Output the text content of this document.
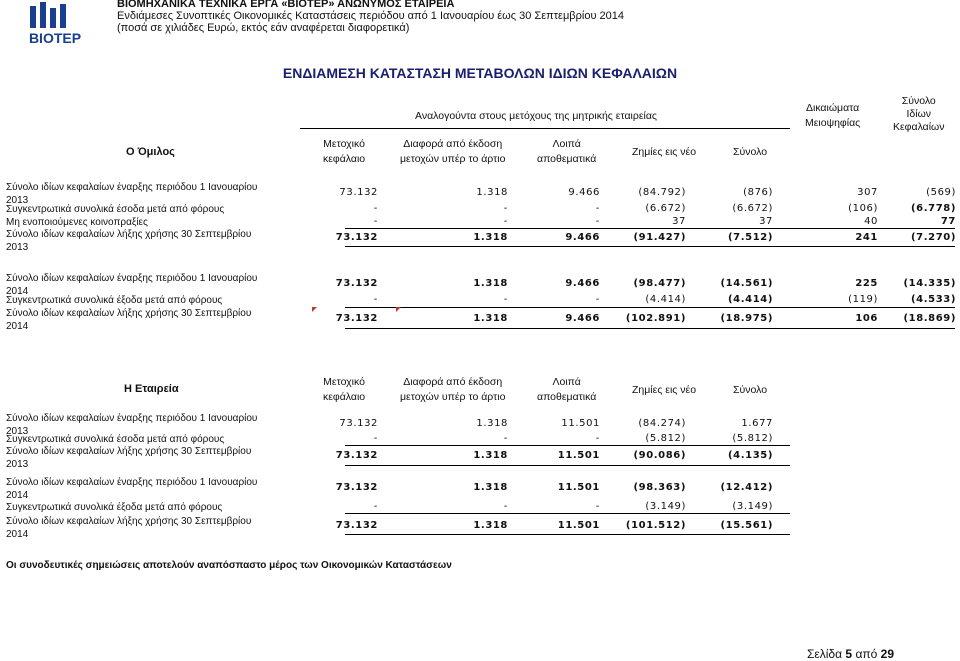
ΒΙΟΤΕΡ
ΒΙΟΜΗΧΑΝΙΚΑ ΤΕΧΝΙΚΑ ΕΡΓΑ «ΒΙΟΤΕΡ» ΑΝΩΝΥΜΟΣ ΕΤΑΙΡΕΙΑ
Ενδιάμεσες Συνοπτικές Οικονομικές Καταστάσεις περιόδου από 1 Ιανουαρίου έως 30 Σεπτεμβρίου 2014
(ποσά σε χιλιάδες Ευρώ, εκτός εάν αναφέρεται διαφορετικά)
ΕΝΔΙΑΜΕΣΗ ΚΑΤΑΣΤΑΣΗ ΜΕΤΑΒΟΛΩΝ ΙΔΙΩΝ ΚΕΦΑΛΑΙΩΝ
Αναλογούντα στους μετόχους της μητρικής εταιρείας
Δικαιώματα
Μειοψηφίας
Σύνολο
Ιδίων
Κεφαλαίων
Ο Όμιλος
Μετοχικό
κεφάλαιο
Διαφορά από έκδοση
μετοχών υπέρ το άρτιο
Λοιπά
αποθεματικά
Ζημίες εις νέο	Σύνολο
Σύνολο ιδίων κεφαλαίων έναρξης περιόδου 1 Ιανουαρίου
2013
73.132	1.318	9.466	(84.792)	(876)	307	(569)
Συγκεντρωτικά συνολικά έσοδα μετά από φόρους	-	-	-	(6.672)	(6.672)	(106)	(6.778)
Μη ενοποιούμενες κοινοπραξίες	-	-	-	37	37	40	77
Σύνολο ιδίων κεφαλαίων λήξης χρήσης 30 Σεπτεμβρίου
2013
73.132	1.318	9.466	(91.427)	(7.512)	241	(7.270)
Σύνολο ιδίων κεφαλαίων έναρξης περιόδου 1 Ιανουαρίου
2014
73.132	1.318	9.466	(98.477)	(14.561)	225	(14.335)
Συγκεντρωτικά συνολικά έξοδα μετά από φόρους	-	-	-	(4.414)	(4.414)	(119)	(4.533)
Σύνολο ιδίων κεφαλαίων λήξης χρήσης 30 Σεπτεμβρίου
2014
73.132	1.318	9.466	(102.891)	(18.975)	106	(18.869)
Η Εταιρεία
Μετοχικό
κεφάλαιο
Διαφορά από έκδοση
μετοχών υπέρ το άρτιο
Λοιπά
αποθεματικά
Ζημίες εις νέο	Σύνολο
Σύνολο ιδίων κεφαλαίων έναρξης περιόδου 1 Ιανουαρίου
2013
73.132	1.318	11.501	(84.274)	1.677
Συγκεντρωτικά συνολικά έσοδα μετά από φόρους	-	-	-	(5.812)	(5.812)
Σύνολο ιδίων κεφαλαίων λήξης χρήσης 30 Σεπτεμβρίου
2013
73.132	1.318	11.501	(90.086)	(4.135)
Σύνολο ιδίων κεφαλαίων έναρξης περιόδου 1 Ιανουαρίου
2014
73.132	1.318	11.501	(98.363)	(12.412)
Συγκεντρωτικά συνολικά έξοδα μετά από φόρους	-	-	-	(3.149)	(3.149)
Σύνολο ιδίων κεφαλαίων λήξης χρήσης 30 Σεπτεμβρίου
2014
73.132	1.318	11.501	(101.512)	(15.561)
Οι συνοδευτικές σημειώσεις αποτελούν αναπόσπαστο μέρος των Οικονομικών Καταστάσεων
Σελίδα 5 από 29
